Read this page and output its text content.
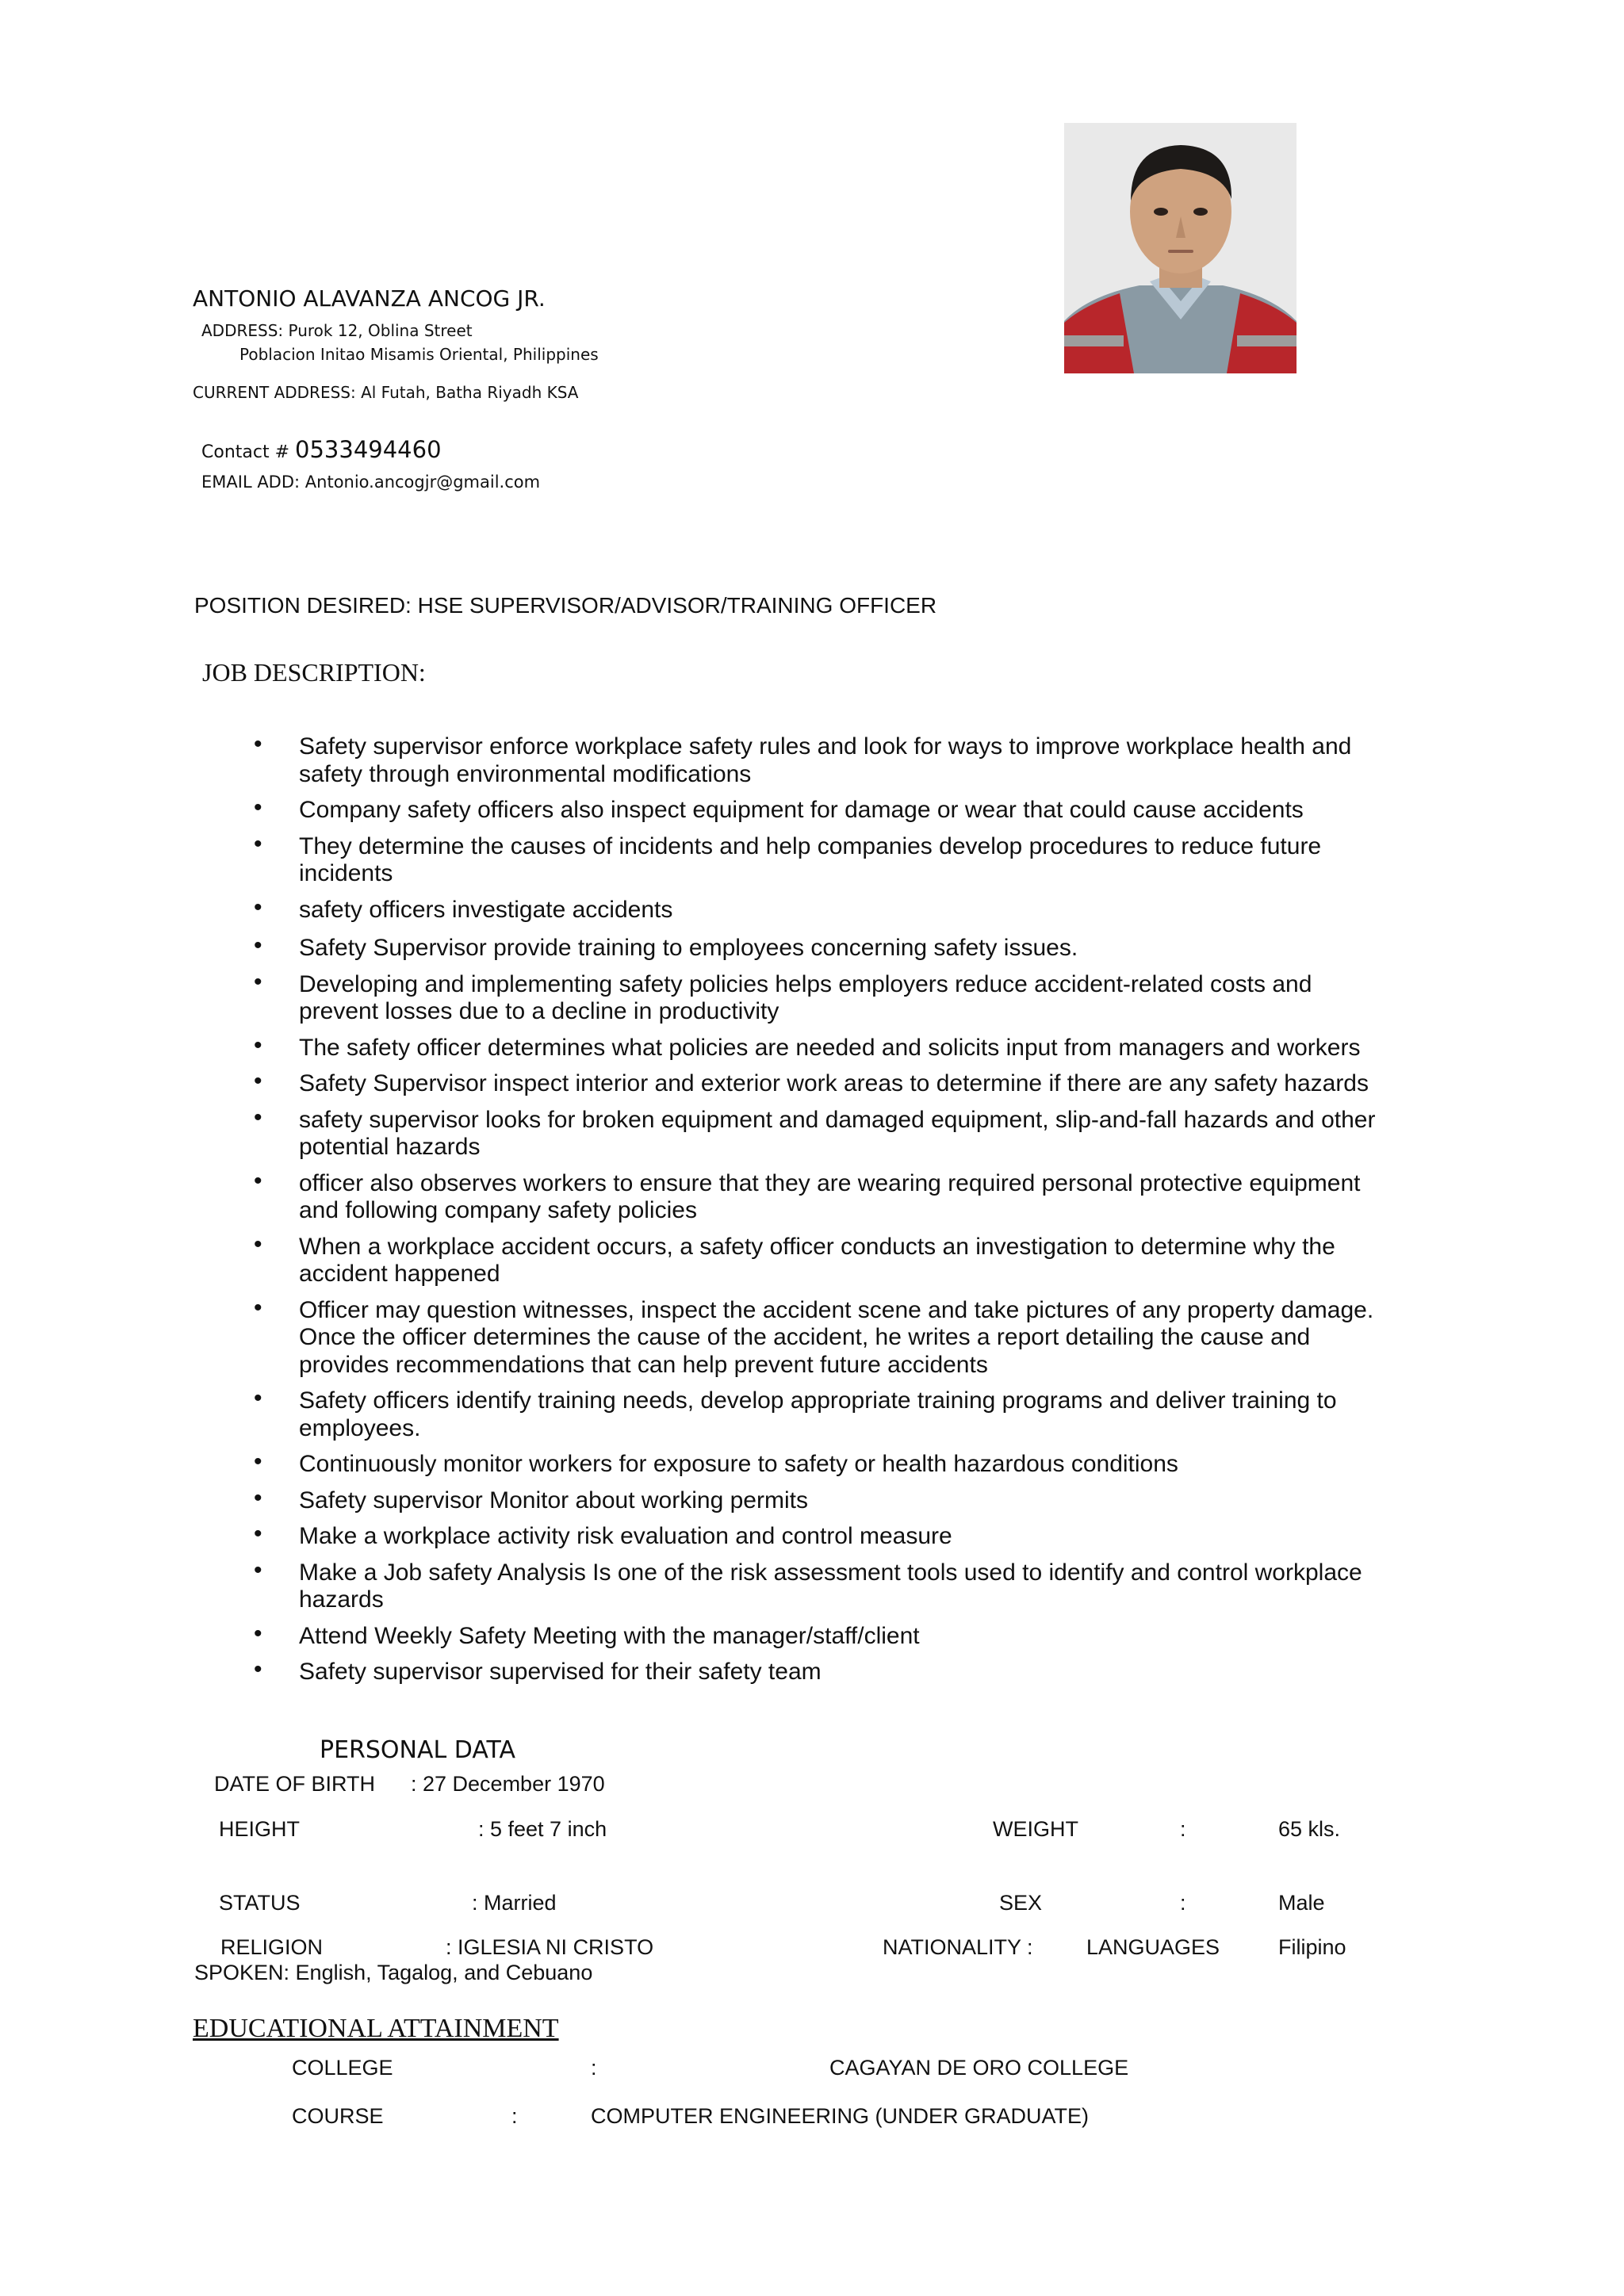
ANTONIO ALAVANZA ANCOG JR.
ADDRESS: Purok 12, Oblina Street
Poblacion Initao Misamis Oriental, Philippines
CURRENT ADDRESS: Al Futah, Batha Riyadh KSA
Contact # 0533494460
EMAIL ADD: Antonio.ancogjr@gmail.com
POSITION DESIRED: HSE SUPERVISOR/ADVISOR/TRAINING OFFICER
JOB DESCRIPTION:
• Safety supervisor enforce workplace safety rules and look for ways to improve workplace health and
safety through environmental modifications
• Company safety officers also inspect equipment for damage or wear that could cause accidents
• They determine the causes of incidents and help companies develop procedures to reduce future
incidents
• safety officers investigate accidents
• Safety Supervisor provide training to employees concerning safety issues.
• Developing and implementing safety policies helps employers reduce accident-related costs and
prevent losses due to a decline in productivity
• The safety officer determines what policies are needed and solicits input from managers and workers
• Safety Supervisor inspect interior and exterior work areas to determine if there are any safety hazards
• safety supervisor looks for broken equipment and damaged equipment, slip-and-fall hazards and other
potential hazards
• officer also observes workers to ensure that they are wearing required personal protective equipment
and following company safety policies
• When a workplace accident occurs, a safety officer conducts an investigation to determine why the
accident happened
• Officer may question witnesses, inspect the accident scene and take pictures of any property damage.
Once the officer determines the cause of the accident, he writes a report detailing the cause and
provides recommendations that can help prevent future accidents
• Safety officers identify training needs, develop appropriate training programs and deliver training to
employees.
• Continuously monitor workers for exposure to safety or health hazardous conditions
• Safety supervisor Monitor about working permits
• Make a workplace activity risk evaluation and control measure
• Make a Job safety Analysis Is one of the risk assessment tools used to identify and control workplace
hazards
• Attend Weekly Safety Meeting with the manager/staff/client
• Safety supervisor supervised for their safety team
PERSONAL DATA
DATE OF BIRTH : 27 December 1970
HEIGHT	: 5 feet 7 inch	WEIGHT	:	65 kls.
STATUS	: Married	SEX	:	Male
RELIGION	: IGLESIA NI CRISTO	NATIONALITY : LANGUAGES	Filipino
SPOKEN: English, Tagalog, and Cebuano
EDUCATIONAL ATTAINMENT
COLLEGE	:	CAGAYAN DE ORO COLLEGE
COURSE	:	COMPUTER ENGINEERING (UNDER GRADUATE)
